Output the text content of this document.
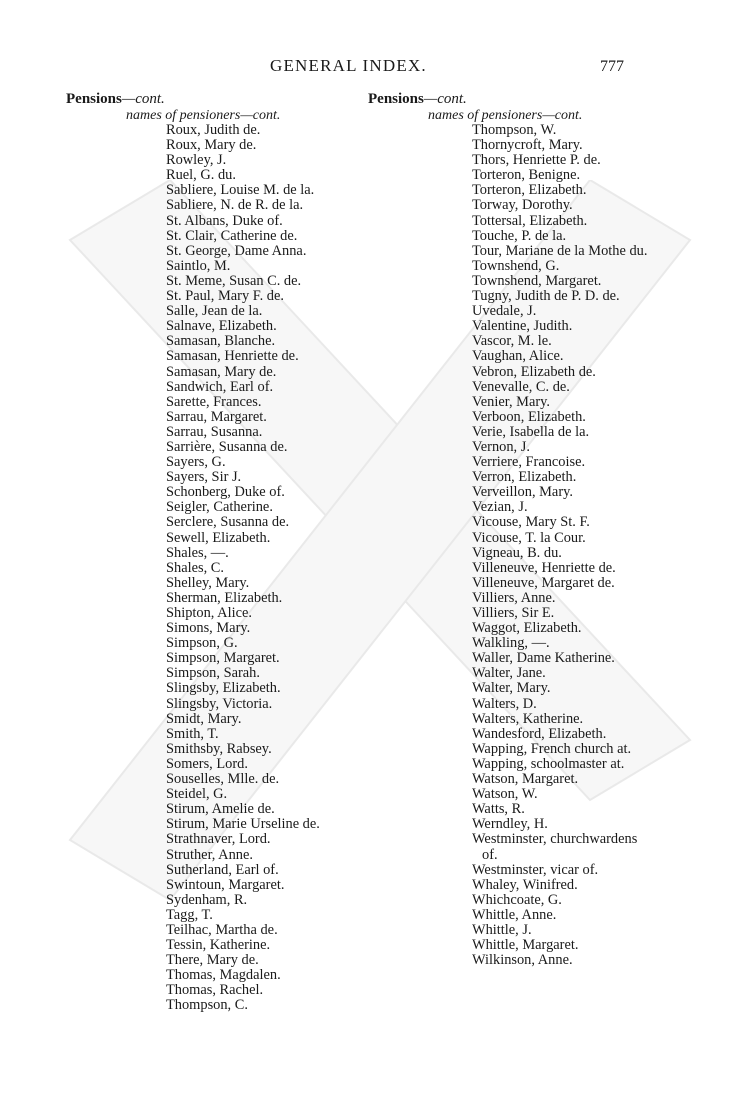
GENERAL INDEX.	777
Pensions—cont.
names of pensioners—cont.
Roux, Judith de.
Roux, Mary de.
Rowley, J.
Ruel, G. du.
Sabliere, Louise M. de la.
Sabliere, N. de R. de la.
St. Albans, Duke of.
St. Clair, Catherine de.
St. George, Dame Anna.
Saintlo, M.
St. Meme, Susan C. de.
St. Paul, Mary F. de.
Salle, Jean de la.
Salnave, Elizabeth.
Samasan, Blanche.
Samasan, Henriette de.
Samasan, Mary de.
Sandwich, Earl of.
Sarette, Frances.
Sarrau, Margaret.
Sarrau, Susanna.
Sarrière, Susanna de.
Sayers, G.
Sayers, Sir J.
Schonberg, Duke of.
Seigler, Catherine.
Serclere, Susanna de.
Sewell, Elizabeth.
Shales, —.
Shales, C.
Shelley, Mary.
Sherman, Elizabeth.
Shipton, Alice.
Simons, Mary.
Simpson, G.
Simpson, Margaret.
Simpson, Sarah.
Slingsby, Elizabeth.
Slingsby, Victoria.
Smidt, Mary.
Smith, T.
Smithsby, Rabsey.
Somers, Lord.
Souselles, Mlle. de.
Steidel, G.
Stirum, Amelie de.
Stirum, Marie Urseline de.
Strathnaver, Lord.
Struther, Anne.
Sutherland, Earl of.
Swintoun, Margaret.
Sydenham, R.
Tagg, T.
Teilhac, Martha de.
Tessin, Katherine.
There, Mary de.
Thomas, Magdalen.
Thomas, Rachel.
Thompson, C.
Pensions—cont.
names of pensioners—cont.
Thompson, W.
Thornycroft, Mary.
Thors, Henriette P. de.
Torteron, Benigne.
Torteron, Elizabeth.
Torway, Dorothy.
Tottersal, Elizabeth.
Touche, P. de la.
Tour, Mariane de la Mothe du.
Townshend, G.
Townshend, Margaret.
Tugny, Judith de P. D. de.
Uvedale, J.
Valentine, Judith.
Vascor, M. le.
Vaughan, Alice.
Vebron, Elizabeth de.
Venevalle, C. de.
Venier, Mary.
Verboon, Elizabeth.
Verie, Isabella de la.
Vernon, J.
Verriere, Francoise.
Verron, Elizabeth.
Verveillon, Mary.
Vezian, J.
Vicouse, Mary St. F.
Vicouse, T. la Cour.
Vigneau, B. du.
Villeneuve, Henriette de.
Villeneuve, Margaret de.
Villiers, Anne.
Villiers, Sir E.
Waggot, Elizabeth.
Walkling, —.
Waller, Dame Katherine.
Walter, Jane.
Walter, Mary.
Walters, D.
Walters, Katherine.
Wandesford, Elizabeth.
Wapping, French church at.
Wapping, schoolmaster at.
Watson, Margaret.
Watson, W.
Watts, R.
Werndley, H.
Westminster, churchwardens of.
Westminster, vicar of.
Whaley, Winifred.
Whichcoate, G.
Whittle, Anne.
Whittle, J.
Whittle, Margaret.
Wilkinson, Anne.
